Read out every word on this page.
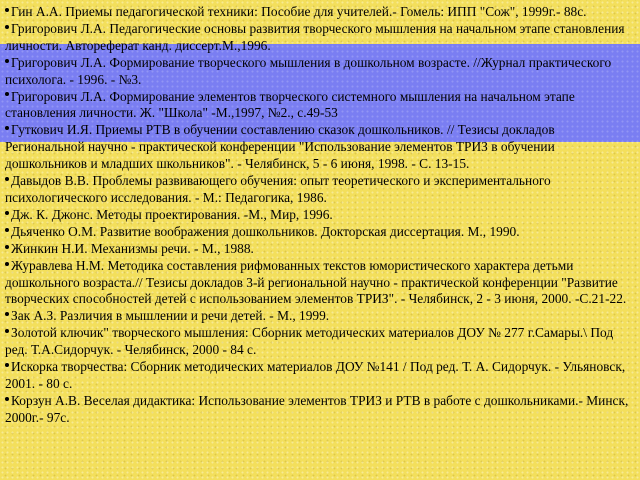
Гин А.А. Приемы педагогической техники: Пособие для учителей.- Гомель: ИПП "Сож", 1999г.- 88с.
Григорович Л.А. Педагогические основы развития творческого мышления на начальном этапе становления личности. Автореферат канд. диссерт.М.,1996.
Григорович Л.А. Формирование творческого мышления в дошкольном возрасте. //Журнал практического психолога. - 1996. - №3.
Григорович Л.А. Формирование элементов творческого системного мышления на начальном этапе становления личности. Ж. "Школа" -М.,1997, №2., с.49-53
Гуткович И.Я. Приемы РТВ в обучении составлению сказок дошкольников. // Тезисы докладов Региональной научно - практической конференции "Использование элементов ТРИЗ в обучении дошкольников и младших школьников". - Челябинск, 5 - 6 июня, 1998. - С. 13-15.
Давыдов В.В. Проблемы развивающего обучения: опыт теоретического и экспериментального психологического исследования. - М.: Педагогика, 1986.
Дж. К. Джонс. Методы проектирования. -М., Мир, 1996.
Дьяченко О.М. Развитие воображения дошкольников. Докторская диссертация. М., 1990.
Жинкин Н.И. Механизмы речи. - М., 1988.
Журавлева Н.М. Методика составления рифмованных текстов юмористического характера детьми дошкольного возраста.// Тезисы докладов 3-й региональной научно - практической конференции "Развитие творческих способностей детей с использованием элементов ТРИЗ". - Челябинск, 2 - 3 июня, 2000. -С.21-22.
Зак А.З. Различия в мышлении и речи детей. - М., 1999.
Золотой ключик" творческого мышления: Сборник методических материалов ДОУ № 277 г.Самары.\ Под ред. Т.А.Сидорчук. - Челябинск, 2000 - 84 с.
Искорка творчества: Сборник методических материалов ДОУ №141 / Под ред. Т. А. Сидорчук. - Ульяновск, 2001. - 80 с.
Корзун А.В. Веселая дидактика: Использование элементов ТРИЗ и РТВ в работе с дошкольниками.- Минск, 2000г.- 97с.
